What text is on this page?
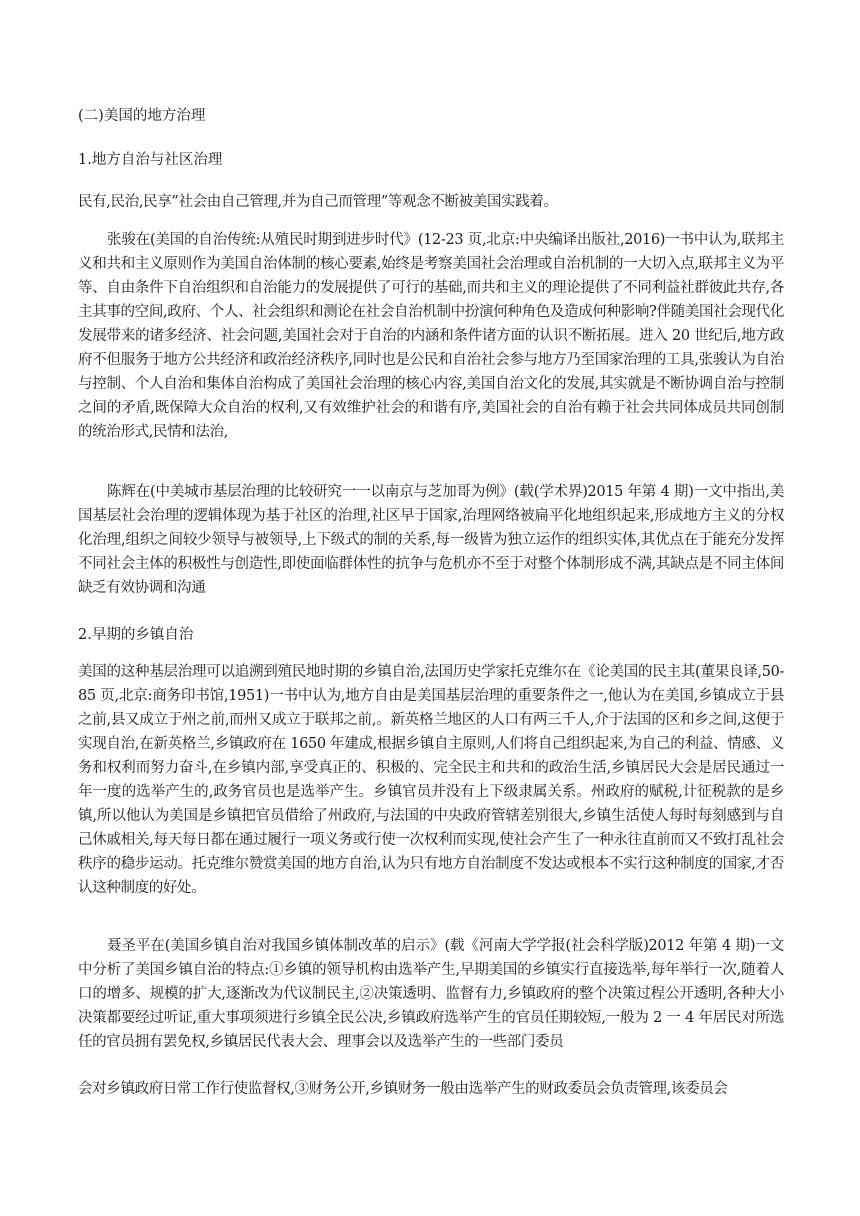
(二)美国的地方治理
1.地方自治与社区治理

民有,民治,民享”社会由自己管理,并为自己而管理”等观念不断被美国实践着。

张骏在(美国的自治传统:从殖民时期到进步时代》(12-23 页,北京:中央编译出版社,2016)一书中认为,联邦主义和共和主义原则作为美国自治体制的核心要素,始终是考察美国社会治理或自治机制的一大切入点,联邦主义为平等、自由条件下自治组织和自治能力的发展提供了可行的基础,而共和主义的理论提供了不同利益社群彼此共存,各主其事的空间,政府、个人、社会组织和测论在社会自治机制中扮演何种角色及造成何种影响?伴随美国社会现代化发展带来的诸多经济、社会问题,美国社会对于自治的内涵和条件诸方面的认识不断拓展。进入 20 世纪后,地方政府不但服务于地方公共经济和政治经济秩序,同时也是公民和自治社会参与地方乃至国家治理的工具,张骏认为自治与控制、个人自治和集体自治构成了美国社会治理的核心内容,美国自治文化的发展,其实就是不断协调自治与控制之间的矛盾,既保障大众自治的权利,又有效维护社会的和谐有序,美国社会的自治有赖于社会共同体成员共同创制的统治形式,民情和法治,

陈辉在(中美城市基层治理的比较研究一一以南京与芝加哥为例》(载(学术界)2015 年第 4 期)一文中指出,美国基层社会治理的逻辑体现为基于社区的治理,社区早于国家,治理网络被扁平化地组织起来,形成地方主义的分权化治理,组织之间较少领导与被领导,上下级式的制的关系,每一级皆为独立运作的组织实体,其优点在于能充分发挥不同社会主体的积极性与创造性,即使面临群体性的抗争与危机亦不至于对整个体制形成不满,其缺点是不同主体间缺乏有效协调和沟通

2.早期的乡镇自治

美国的这种基层治理可以追溯到殖民地时期的乡镇自治,法国历史学家托克维尔在《论美国的民主其(董果良译,50-85 页,北京:商务印书馆,1951)一书中认为,地方自由是美国基层治理的重要条件之一,他认为在美国,乡镇成立于县之前,县又成立于州之前,而州又成立于联邦之前,。新英格兰地区的人口有两三千人,介于法国的区和乡之间,这便于实现自治,在新英格兰,乡镇政府在 1650 年建成,根据乡镇自主原则,人们将自己组织起来,为自己的利益、情感、义务和权利而努力奋斗,在乡镇内部,享受真正的、积极的、完全民主和共和的政治生活,乡镇居民大会是居民通过一年一度的选举产生的,政务官员也是选举产生。乡镇官员并没有上下级隶属关系。州政府的赋税,计征税款的是乡镇,所以他认为美国是乡镇把官员借给了州政府,与法国的中央政府管辖差别很大,乡镇生活使人每时每刻感到与自己休戚相关,每天每日都在通过履行一项义务或行使一次权利而实现,使社会产生了一种永往直前而又不致打乱社会秩序的稳步运动。托克维尔赞赏美国的地方自治,认为只有地方自治制度不发达或根本不实行这种制度的国家,才否认这种制度的好处。

聂圣平在(美国乡镇自治对我国乡镇体制改革的启示》(载《河南大学学报(社会科学版)2012 年第 4 期)一文中分析了美国乡镇自治的特点:①乡镇的领导机构由选举产生,早期美国的乡镇实行直接选举,每年举行一次,随着人口的增多、规模的扩大,逐渐改为代议制民主,②决策透明、监督有力,乡镇政府的整个决策过程公开透明,各种大小决策都要经过听证,重大事项须进行乡镇全民公决,乡镇政府选举产生的官员任期较短,一般为 2 一 4 年居民对所选任的官员拥有罢免权,乡镇居民代表大会、理事会以及选举产生的一些部门委员

会对乡镇政府日常工作行使监督权,③财务公开,乡镇财务一般由选举产生的财政委员会负责管理,该委员会
